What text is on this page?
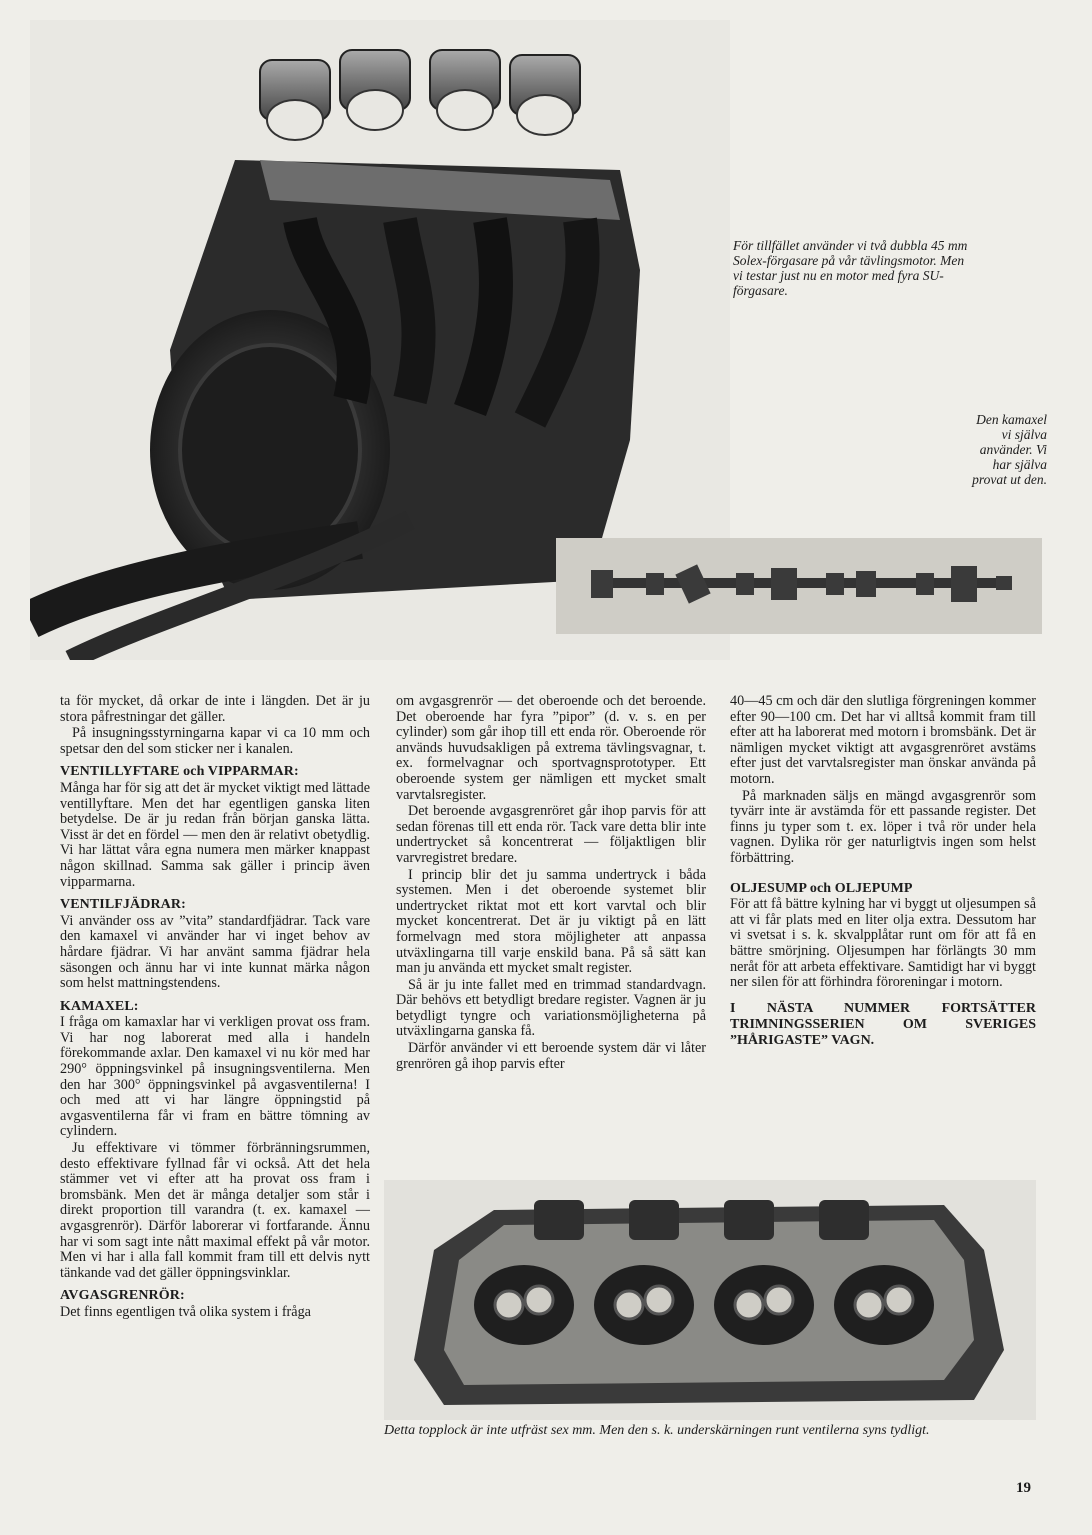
För tillfället använder vi två dubbla 45 mm Solex-förgasare på vår tävlingsmotor. Men vi testar just nu en motor med fyra SU-förgasare.
Den kamaxel vi själva använder. Vi har själva provat ut den.

ta för mycket, då orkar de inte i längden. Det är ju stora påfrestningar det gäller.

På insugningsstyrningarna kapar vi ca 10 mm och spetsar den del som sticker ner i kanalen.

VENTILLYFTARE och VIPPARMAR:

Många har för sig att det är mycket viktigt med lättade ventillyftare. Men det har egentligen ganska liten betydelse. De är ju redan från början ganska lätta. Visst är det en fördel — men den är relativt obetydlig. Vi har lättat våra egna numera men märker knappast någon skillnad. Samma sak gäller i princip även vipparmarna.

VENTILFJÄDRAR:

Vi använder oss av ”vita” standardfjädrar. Tack vare den kamaxel vi använder har vi inget behov av hårdare fjädrar. Vi har använt samma fjädrar hela säsongen och ännu har vi inte kunnat märka någon som helst mattningstendens.

KAMAXEL:

I fråga om kamaxlar har vi verkligen provat oss fram. Vi har nog laborerat med alla i handeln förekommande axlar. Den kamaxel vi nu kör med har 290° öppningsvinkel på insugningsventilerna. Men den har 300° öppningsvinkel på avgasventilerna! I och med att vi har längre öppningstid på avgasventilerna får vi fram en bättre tömning av cylindern.

Ju effektivare vi tömmer förbränningsrummen, desto effektivare fyllnad får vi också. Att det hela stämmer vet vi efter att ha provat oss fram i bromsbänk. Men det är många detaljer som står i direkt proportion till varandra (t. ex. kamaxel — avgasgrenrör). Därför laborerar vi fortfarande. Ännu har vi som sagt inte nått maximal effekt på vår motor. Men vi har i alla fall kommit fram till ett delvis nytt tänkande vad det gäller öppningsvinklar.

AVGASGRENRÖR:

Det finns egentligen två olika system i fråga

om avgasgrenrör — det oberoende och det beroende. Det oberoende har fyra ”pipor” (d. v. s. en per cylinder) som går ihop till ett enda rör. Oberoende rör används huvudsakligen på extrema tävlingsvagnar, t. ex. formelvagnar och sportvagnsprototyper. Ett oberoende system ger nämligen ett mycket smalt varvtalsregister.

Det beroende avgasgrenröret går ihop parvis för att sedan förenas till ett enda rör. Tack vare detta blir inte undertrycket så koncentrerat — följaktligen blir varvregistret bredare.

I princip blir det ju samma undertryck i båda systemen. Men i det oberoende systemet blir undertrycket riktat mot ett kort varvtal och blir mycket koncentrerat. Det är ju viktigt på en lätt formelvagn med stora möjligheter att anpassa utväxlingarna till varje enskild bana. På så sätt kan man ju använda ett mycket smalt register.

Så är ju inte fallet med en trimmad standardvagn. Där behövs ett betydligt bredare register. Vagnen är ju betydligt tyngre och variationsmöjligheterna på utväxlingarna ganska få.

Därför använder vi ett beroende system där vi låter grenrören gå ihop parvis efter

40—45 cm och där den slutliga förgreningen kommer efter 90—100 cm. Det har vi alltså kommit fram till efter att ha laborerat med motorn i bromsbänk. Det är nämligen mycket viktigt att avgasgrenröret avstäms efter just det varvtalsregister man önskar använda på motorn.

På marknaden säljs en mängd avgasgrenrör som tyvärr inte är avstämda för ett passande register. Det finns ju typer som t. ex. löper i två rör under hela vagnen. Dylika rör ger naturligtvis ingen som helst förbättring.

OLJESUMP och OLJEPUMP

För att få bättre kylning har vi byggt ut oljesumpen så att vi får plats med en liter olja extra. Dessutom har vi svetsat i s. k. skvalpplåtar runt om för att få en bättre smörjning. Oljesumpen har förlängts 30 mm neråt för att arbeta effektivare. Samtidigt har vi byggt ner silen för att förhindra föroreningar i motorn.

I NÄSTA NUMMER FORTSÄTTER TRIMNINGSSERIEN OM SVERIGES ”HÅRIGASTE” VAGN.
Detta topplock är inte utfräst sex mm. Men den s. k. underskärningen runt ventilerna syns tydligt.
19
